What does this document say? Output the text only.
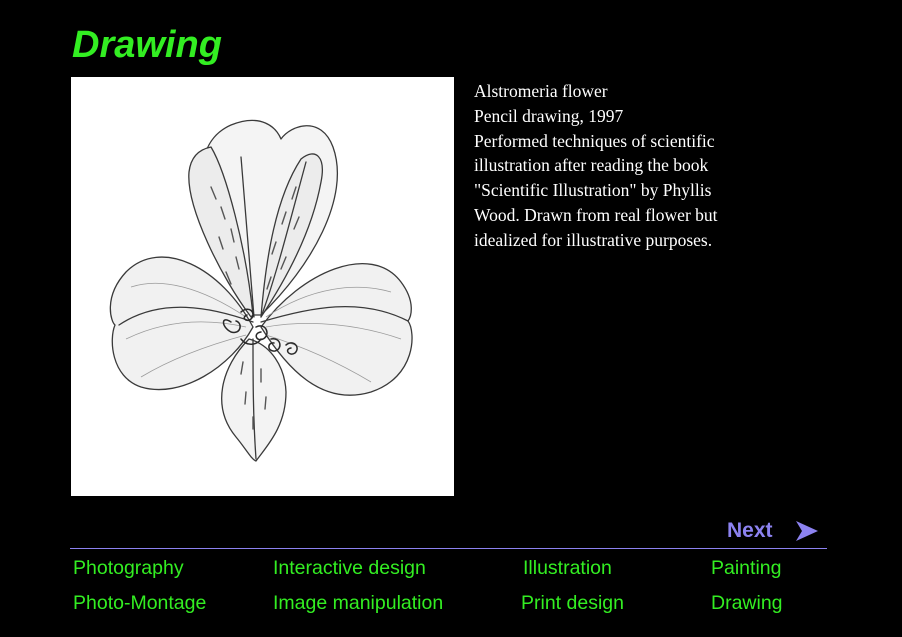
Drawing
Alstromeria flower
Pencil drawing, 1997
Performed techniques of scientific
illustration after reading the book
"Scientific Illustration" by Phyllis
Wood. Drawn from real flower but
idealized for illustrative purposes.
Next
Photography	Interactive design	Illustration	Painting
Photo-Montage	Image manipulation	Print design	Drawing
